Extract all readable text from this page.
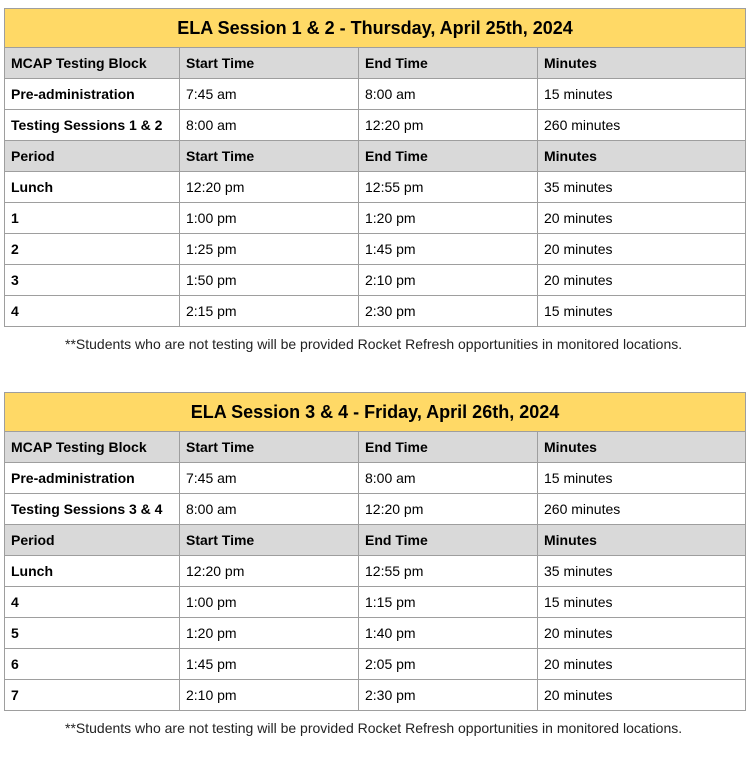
ELA Session 1 & 2 - Thursday, April 25th, 2024			
MCAP Testing Block	Start Time	End Time	Minutes
Pre-administration	7:45 am	8:00 am	15 minutes
Testing Sessions 1 & 2	8:00 am	12:20 pm	260 minutes
Period	Start Time	End Time	Minutes
Lunch	12:20 pm	12:55 pm	35 minutes
1	1:00 pm	1:20 pm	20 minutes
2	1:25 pm	1:45 pm	20 minutes
3	1:50 pm	2:10 pm	20 minutes
4	2:15 pm	2:30 pm	15 minutes
**Students who are not testing will be provided Rocket Refresh opportunities in monitored locations.
ELA Session 3 & 4 - Friday, April 26th, 2024			
MCAP Testing Block	Start Time	End Time	Minutes
Pre-administration	7:45 am	8:00 am	15 minutes
Testing Sessions 3 & 4	8:00 am	12:20 pm	260 minutes
Period	Start Time	End Time	Minutes
Lunch	12:20 pm	12:55 pm	35 minutes
4	1:00 pm	1:15 pm	15 minutes
5	1:20 pm	1:40 pm	20 minutes
6	1:45 pm	2:05 pm	20 minutes
7	2:10 pm	2:30 pm	20 minutes
**Students who are not testing will be provided Rocket Refresh opportunities in monitored locations.
